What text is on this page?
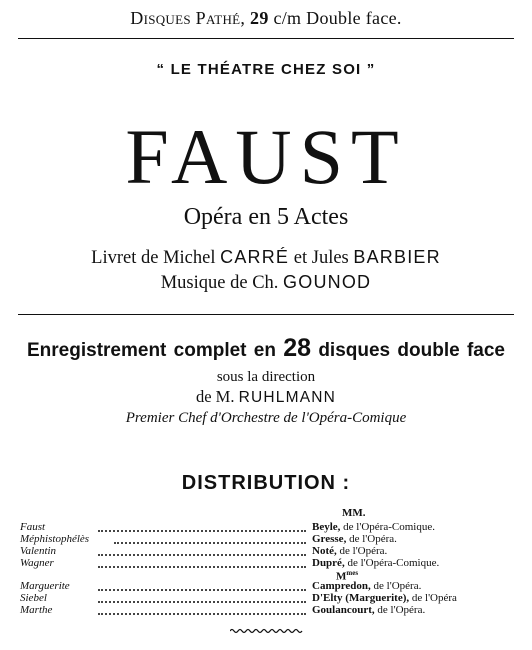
Disques Pathé, 29 c/m Double face.
“ LE THÉATRE CHEZ SOI ”
FAUST
Opéra en 5 Actes
Livret de Michel CARRÉ et Jules BARBIER
Musique de Ch. GOUNOD
Enregistrement complet en 28 disques double face
sous la direction
de M. RUHLMANN
Premier Chef d'Orchestre de l'Opéra-Comique
DISTRIBUTION :
MM.
Faust	Beyle, de l'Opéra-Comique.
Méphistophélès	Gresse, de l'Opéra.
Valentin	Noté, de l'Opéra.
Wagner	Dupré, de l'Opéra-Comique.
$M^{mes}$
Marguerite	Campredon, de l'Opéra.
Siebel	D'Elty (Marguerite), de l'Opéra
Marthe	Goulancourt, de l'Opéra.
